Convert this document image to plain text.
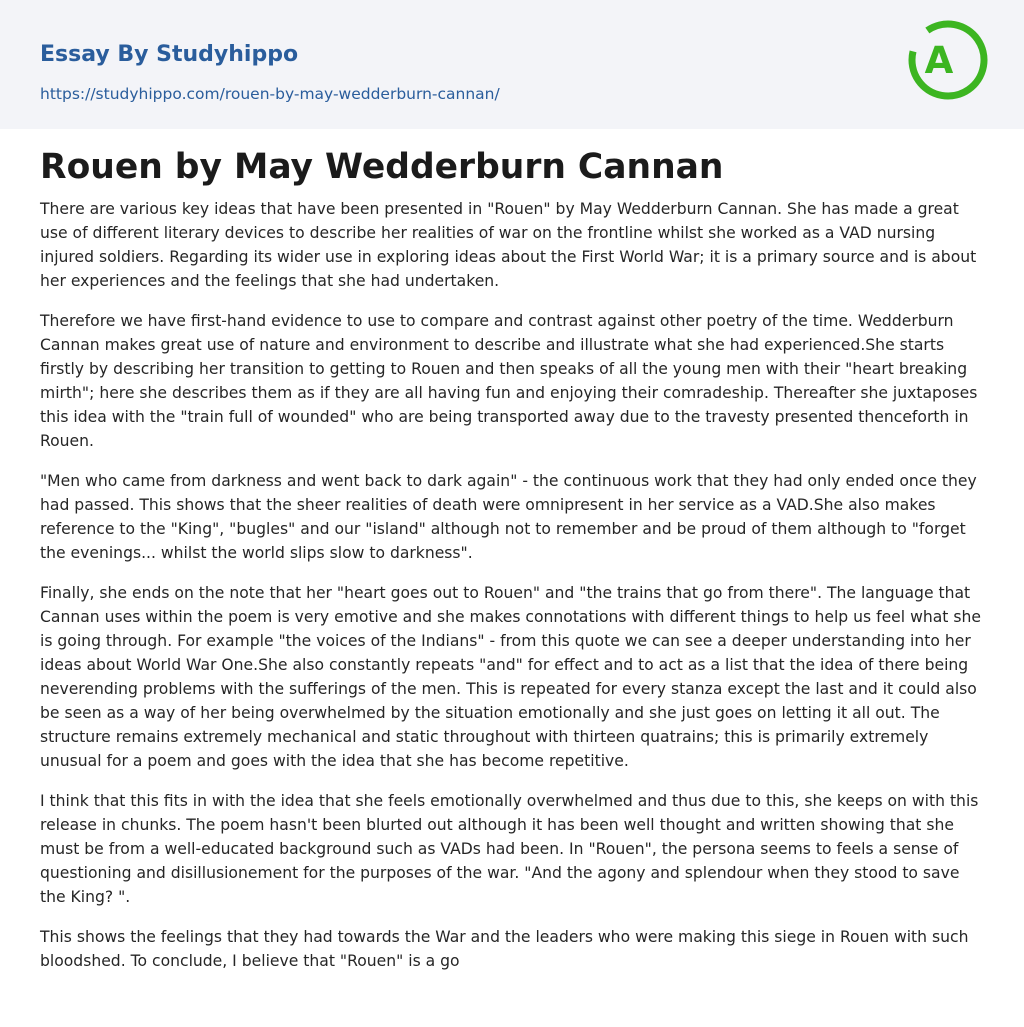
Essay By Studyhippo
https://studyhippo.com/rouen-by-may-wedderburn-cannan/
A
Rouen by May Wedderburn Cannan

There are various key ideas that have been presented in "Rouen" by May Wedderburn Cannan. She has made a great use of different literary devices to describe her realities of war on the frontline whilst she worked as a VAD nursing injured soldiers. Regarding its wider use in exploring ideas about the First World War; it is a primary source and is about her experiences and the feelings that she had undertaken.

Therefore we have first-hand evidence to use to compare and contrast against other poetry of the time. Wedderburn Cannan makes great use of nature and environment to describe and illustrate what she had experienced.She starts firstly by describing her transition to getting to Rouen and then speaks of all the young men with their "heart breaking mirth"; here she describes them as if they are all having fun and enjoying their comradeship. Thereafter she juxtaposes this idea with the "train full of wounded" who are being transported away due to the travesty presented thenceforth in Rouen.

"Men who came from darkness and went back to dark again" - the continuous work that they had only ended once they had passed. This shows that the sheer realities of death were omnipresent in her service as a VAD.She also makes reference to the "King", "bugles" and our "island" although not to remember and be proud of them although to "forget the evenings... whilst the world slips slow to darkness".

Finally, she ends on the note that her "heart goes out to Rouen" and "the trains that go from there". The language that Cannan uses within the poem is very emotive and she makes connotations with different things to help us feel what she is going through. For example "the voices of the Indians" - from this quote we can see a deeper understanding into her ideas about World War One.She also constantly repeats "and" for effect and to act as a list that the idea of there being neverending problems with the sufferings of the men. This is repeated for every stanza except the last and it could also be seen as a way of her being overwhelmed by the situation emotionally and she just goes on letting it all out. The structure remains extremely mechanical and static throughout with thirteen quatrains; this is primarily extremely unusual for a poem and goes with the idea that she has become repetitive.

I think that this fits in with the idea that she feels emotionally overwhelmed and thus due to this, she keeps on with this release in chunks. The poem hasn't been blurted out although it has been well thought and written showing that she must be from a well-educated background such as VADs had been. In "Rouen", the persona seems to feels a sense of questioning and disillusionement for the purposes of the war. "And the agony and splendour when they stood to save the King? ".

This shows the feelings that they had towards the War and the leaders who were making this siege in Rouen with such bloodshed. To conclude, I believe that "Rouen" is a go
